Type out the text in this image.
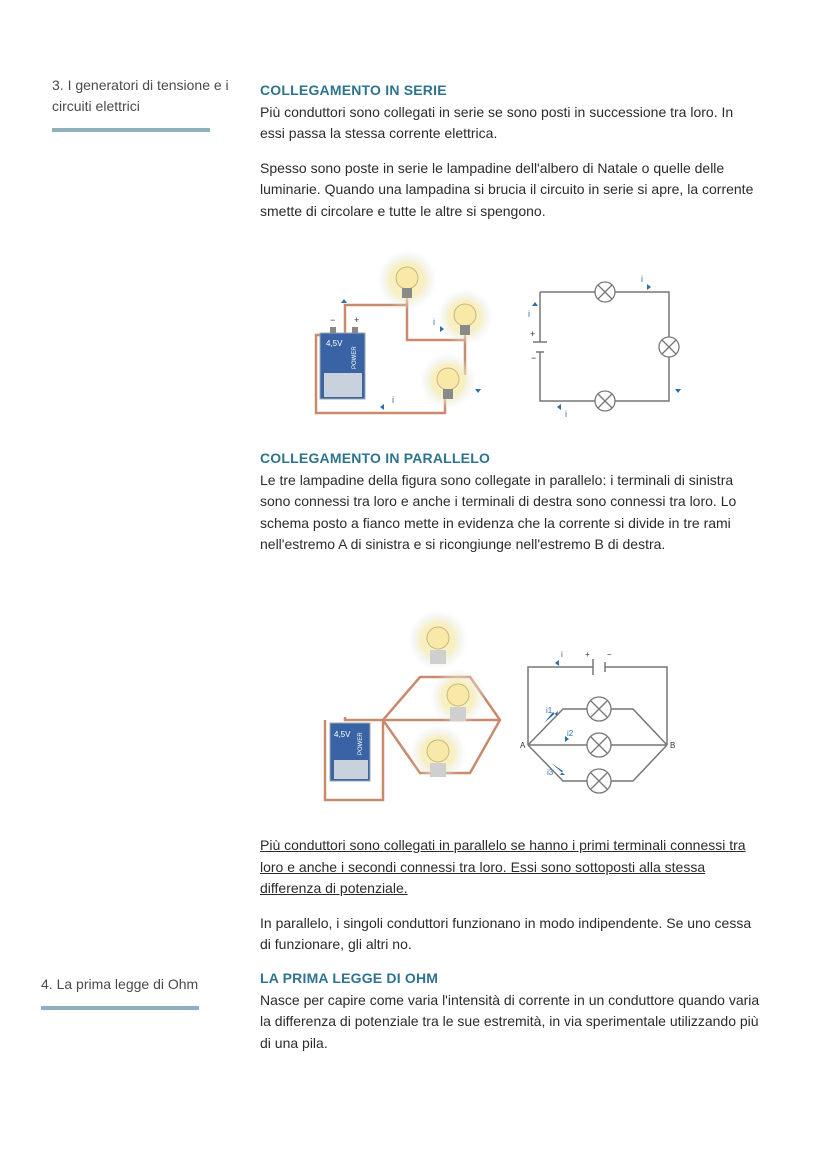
3. I generatori di tensione e i circuiti elettrici
4. La prima legge di Ohm
COLLEGAMENTO IN SERIE

Più conduttori sono collegati in serie se sono posti in successione tra loro. In essi passa la stessa corrente elettrica.

Spesso sono poste in serie le lampadine dell'albero di Natale o quelle delle luminarie. Quando una lampadina si brucia il circuito in serie si apre, la corrente smette di circolare e tutte le altre si spengono.

4,5V
POWER
− +	i
i
i
i
i
+
−
COLLEGAMENTO IN PARALLELO

Le tre lampadine della figura sono collegate in parallelo: i terminali di sinistra sono connessi tra loro e anche i terminali di destra sono connessi tra loro. Lo schema posto a fianco mette in evidenza che la corrente si divide in tre rami nell'estremo A di sinistra e si ricongiunge nell'estremo B di destra.

4,5V POWER
i
i1
i2
i3
A	B
+ −

Più conduttori sono collegati in parallelo se hanno i primi terminali connessi tra loro e anche i secondi connessi tra loro. Essi sono sottoposti alla stessa differenza di potenziale.

In parallelo, i singoli conduttori funzionano in modo indipendente. Se uno cessa di funzionare, gli altri no.

LA PRIMA LEGGE DI OHM

Nasce per capire come varia l'intensità di corrente in un conduttore quando varia la differenza di potenziale tra le sue estremità, in via sperimentale utilizzando più di una pila.
